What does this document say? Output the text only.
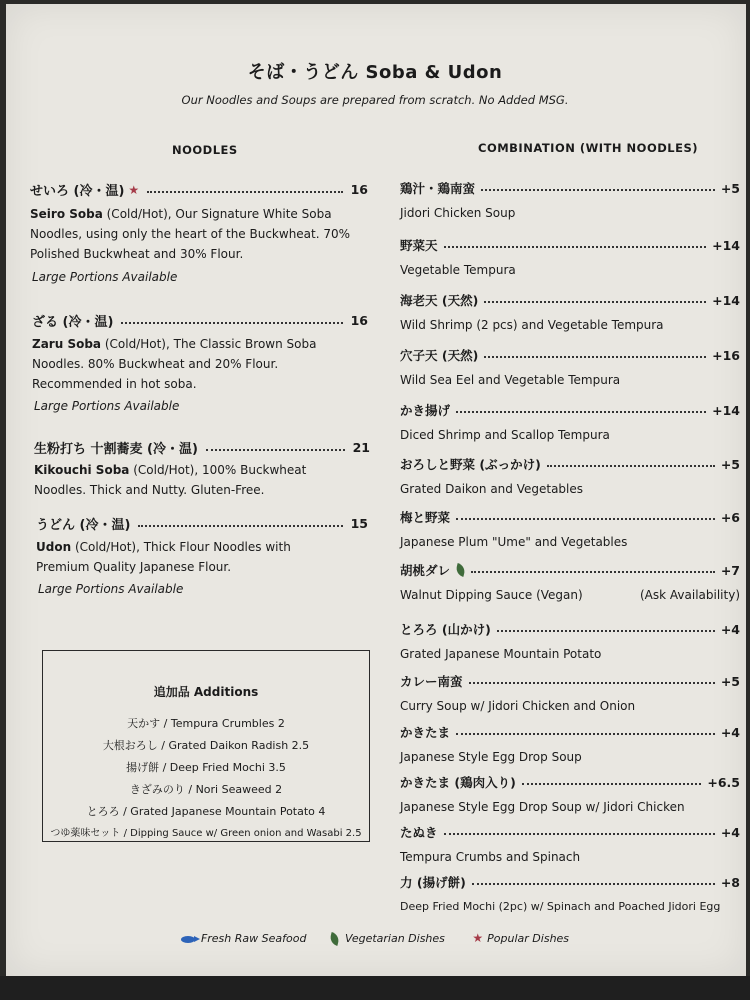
そば・うどん Soba & Udon
Our Noodles and Soups are prepared from scratch. No Added MSG.
NOODLES
せいろ (冷・温) ★	16
Seiro Soba (Cold/Hot), Our Signature White Soba Noodles, using only the heart of the Buckwheat. 70% Polished Buckwheat and 30% Flour.
Large Portions Available
ざる (冷・温)	16
Zaru Soba (Cold/Hot), The Classic Brown Soba Noodles. 80% Buckwheat and 20% Flour. Recommended in hot soba.
Large Portions Available
生粉打ち 十割蕎麦 (冷・温)	21
Kikouchi Soba (Cold/Hot), 100% Buckwheat Noodles. Thick and Nutty. Gluten-Free.
うどん (冷・温)	15
Udon (Cold/Hot), Thick Flour Noodles with Premium Quality Japanese Flour.
Large Portions Available
追加品 Additions
天かす / Tempura Crumbles 2
大根おろし / Grated Daikon Radish 2.5
揚げ餅 / Deep Fried Mochi 3.5
きざみのり / Nori Seaweed 2
とろろ / Grated Japanese Mountain Potato 4
つゆ薬味セット / Dipping Sauce w/ Green onion and Wasabi 2.5
COMBINATION (WITH NOODLES)
鶏汁・鶏南蛮	+5
Jidori Chicken Soup
野菜天	+14
Vegetable Tempura
海老天 (天然)	+14
Wild Shrimp (2 pcs) and Vegetable Tempura
穴子天 (天然)	+16
Wild Sea Eel and Vegetable Tempura
かき揚げ	+14
Diced Shrimp and Scallop Tempura
おろしと野菜 (ぶっかけ)	+5
Grated Daikon and Vegetables
梅と野菜	+6
Japanese Plum "Ume" and Vegetables
胡桃ダレ	+7
Walnut Dipping Sauce (Vegan)	(Ask Availability)
とろろ (山かけ)	+4
Grated Japanese Mountain Potato
カレー南蛮	+5
Curry Soup w/ Jidori Chicken and Onion
かきたま	+4
Japanese Style Egg Drop Soup
かきたま (鶏肉入り)	+6.5
Japanese Style Egg Drop Soup w/ Jidori Chicken
たぬき	+4
Tempura Crumbs and Spinach
力 (揚げ餅)	+8
Deep Fried Mochi (2pc) w/ Spinach and Poached Jidori Egg
Fresh Raw Seafood	Vegetarian Dishes ★ Popular Dishes
